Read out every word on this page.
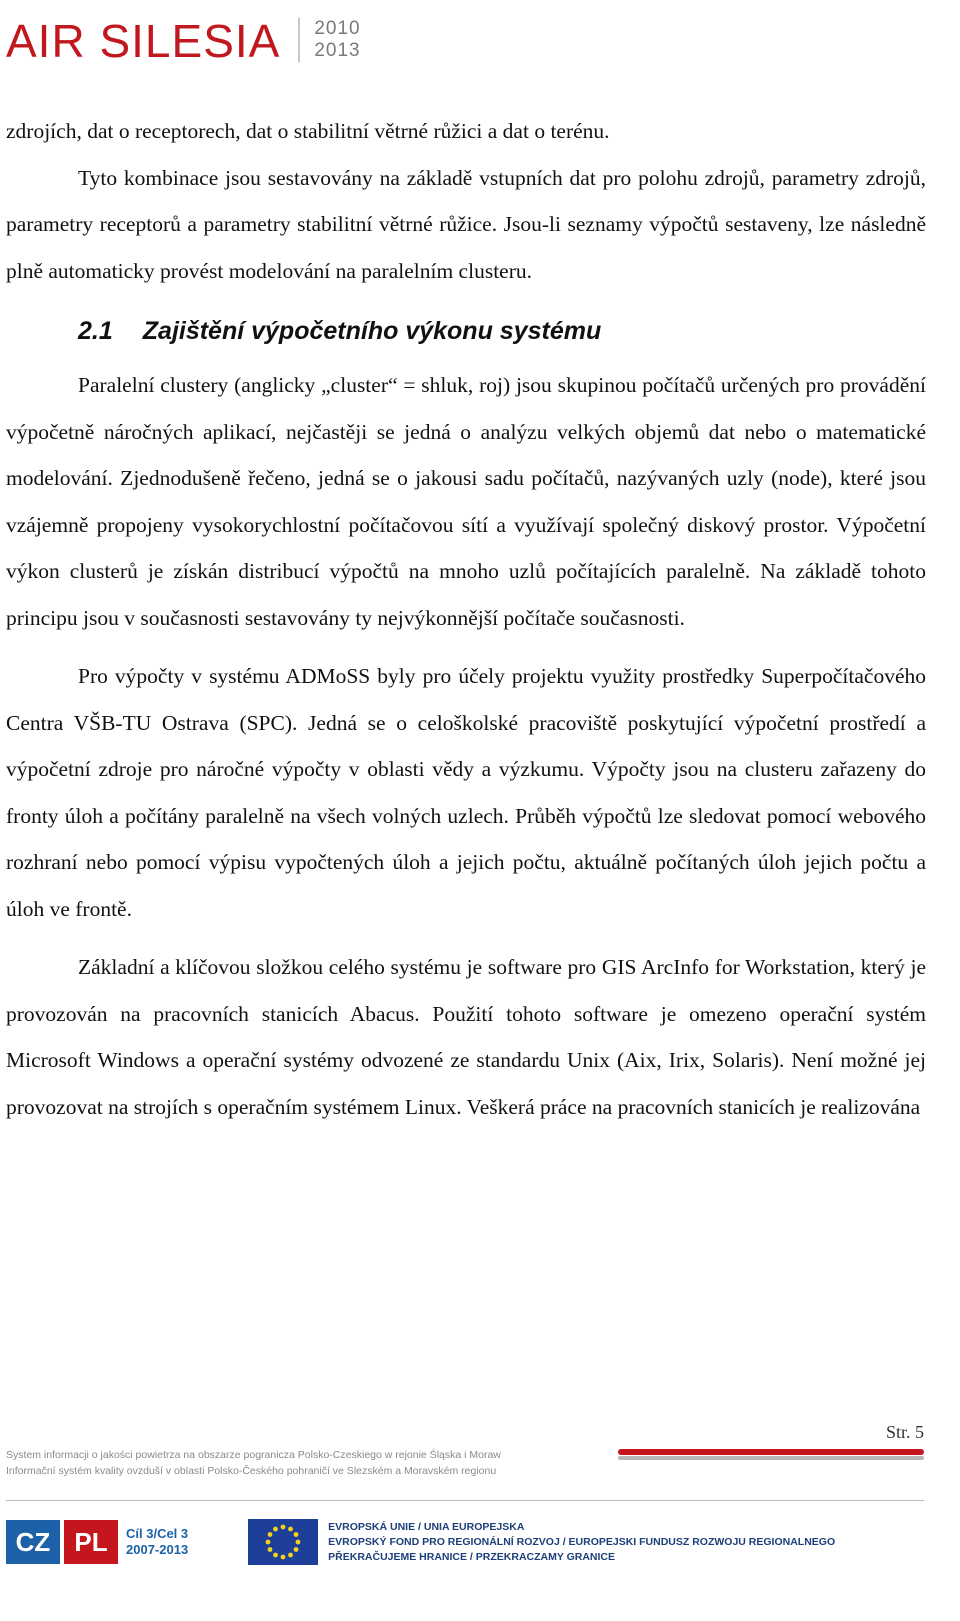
AIR SILESIA 2010
2013

zdrojích, dat o receptorech, dat o stabilitní větrné růžici a dat o terénu.

Tyto kombinace jsou sestavovány na základě vstupních dat pro polohu zdrojů, parametry zdrojů, parametry receptorů a parametry stabilitní větrné růžice. Jsou-li seznamy výpočtů sestaveny, lze následně plně automaticky provést modelování na paralelním clusteru.

2.1 Zajištění výpočetního výkonu systému

Paralelní clustery (anglicky „cluster“ = shluk, roj) jsou skupinou počítačů určených pro provádění výpočetně náročných aplikací, nejčastěji se jedná o analýzu velkých objemů dat nebo o matematické modelování. Zjednodušeně řečeno, jedná se o jakousi sadu počítačů, nazývaných uzly (node), které jsou vzájemně propojeny vysokorychlostní počítačovou sítí a využívají společný diskový prostor. Výpočetní výkon clusterů je získán distribucí výpočtů na mnoho uzlů počítajících paralelně. Na základě tohoto principu jsou v současnosti sestavovány ty nejvýkonnější počítače současnosti.

Pro výpočty v systému ADMoSS byly pro účely projektu využity prostředky Superpočítačového Centra VŠB-TU Ostrava (SPC). Jedná se o celoškolské pracoviště poskytující výpočetní prostředí a výpočetní zdroje pro náročné výpočty v oblasti vědy a výzkumu. Výpočty jsou na clusteru zařazeny do fronty úloh a počítány paralelně na všech volných uzlech. Průběh výpočtů lze sledovat pomocí webového rozhraní nebo pomocí výpisu vypočtených úloh a jejich počtu, aktuálně počítaných úloh jejich počtu a úloh ve frontě.

Základní a klíčovou složkou celého systému je software pro GIS ArcInfo for Workstation, který je provozován na pracovních stanicích Abacus. Použití tohoto software je omezeno operační systém Microsoft Windows a operační systémy odvozené ze standardu Unix (Aix, Irix, Solaris). Není možné jej provozovat na strojích s operačním systémem Linux. Veškerá práce na pracovních stanicích je realizována

Str. 5
System informacji o jakości powietrza na obszarze pogranicza Polsko-Czeskiego w rejonie Śląska i Moraw
Informační systém kvality ovzduší v oblasti Polsko-Českého pohraničí ve Slezském a Moravském regionu
CZ PL	Cíl 3/Cel 3
2007-2013
EVROPSKÁ UNIE / UNIA EUROPEJSKA
EVROPSKÝ FOND PRO REGIONÁLNÍ ROZVOJ / EUROPEJSKI FUNDUSZ ROZWOJU REGIONALNEGO
PŘEKRAČUJEME HRANICE / PRZEKRACZAMY GRANICE
